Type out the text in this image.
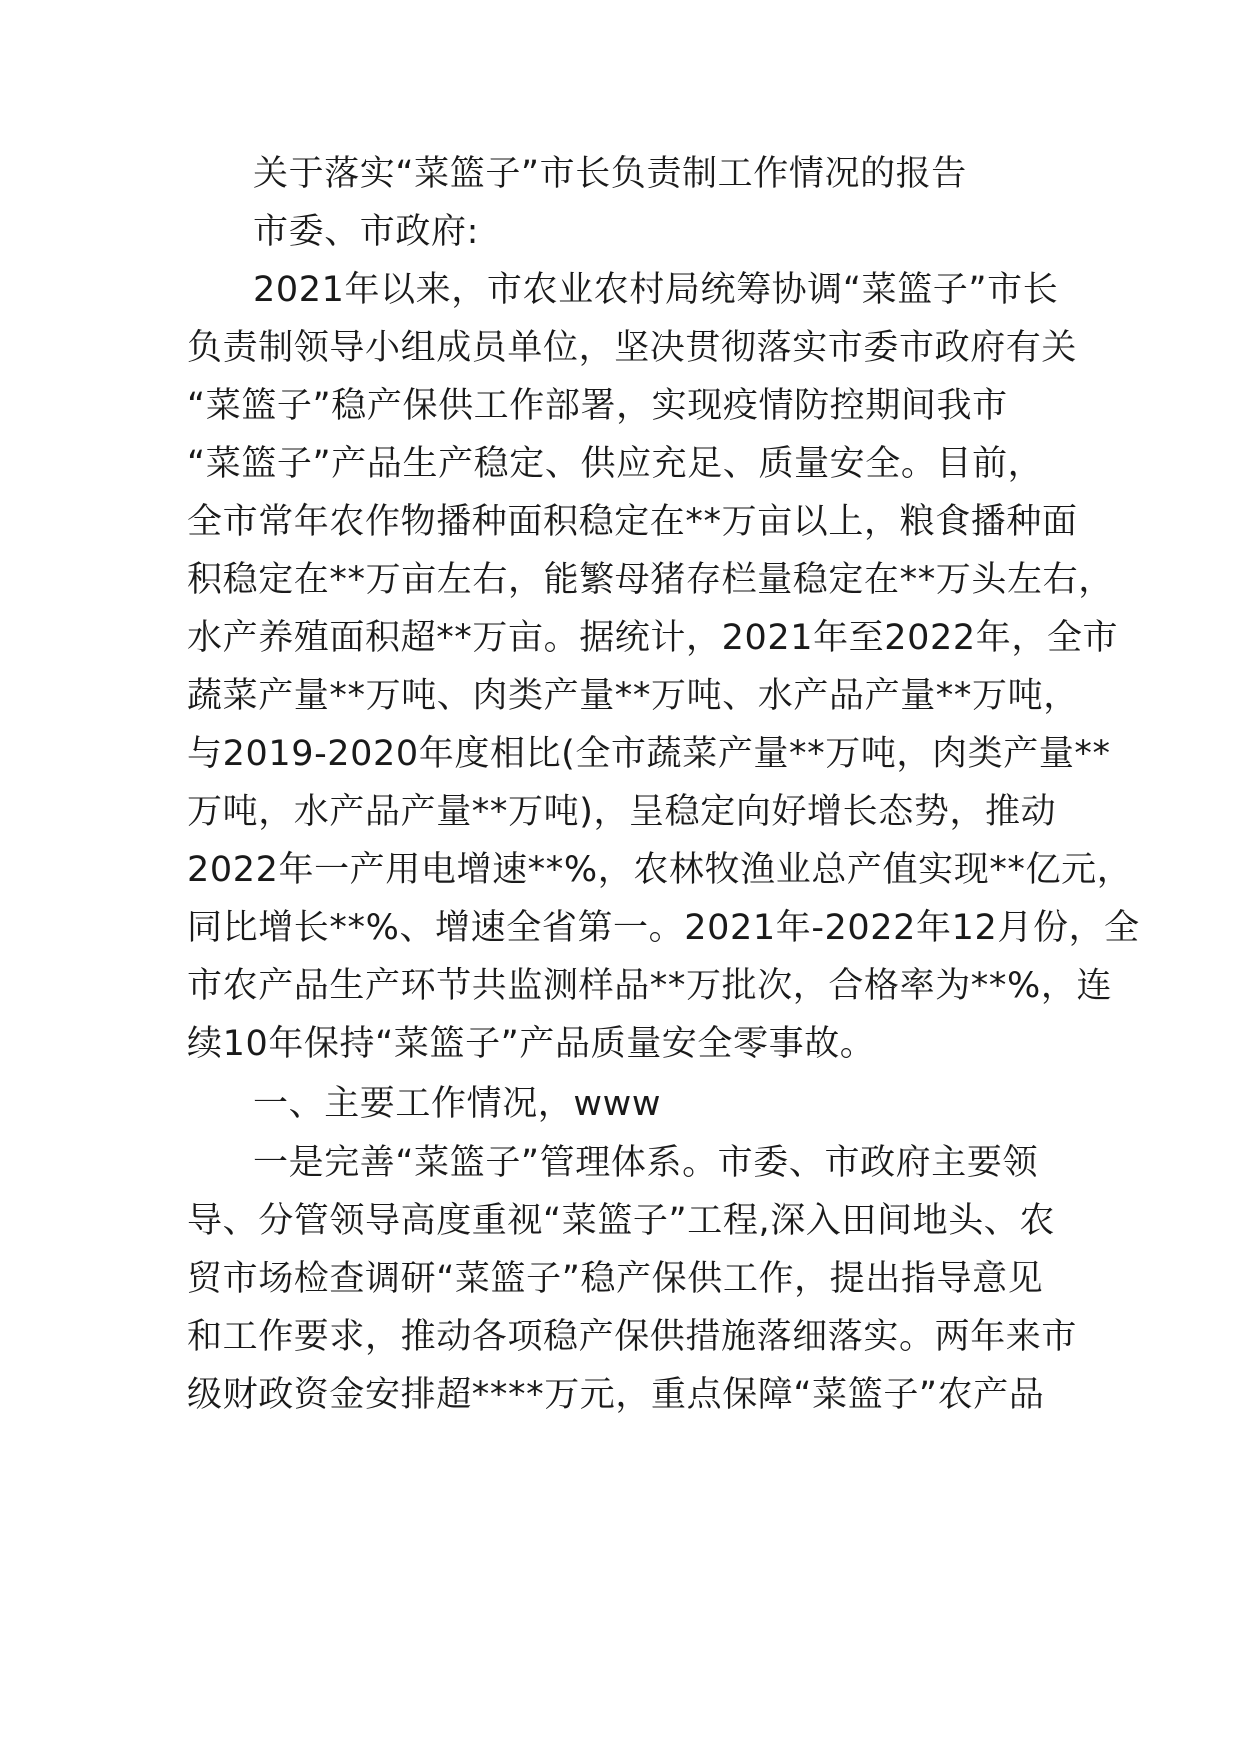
关于落实“菜篮子”市长负责制工作情况的报告
市委、市政府:
2021年以来，市农业农村局统筹协调“菜篮子”市长
负责制领导小组成员单位，坚决贯彻落实市委市政府有关
“菜篮子”稳产保供工作部署，实现疫情防控期间我市
“菜篮子”产品生产稳定、供应充足、质量安全。目前，
全市常年农作物播种面积稳定在**万亩以上，粮食播种面
积稳定在**万亩左右，能繁母猪存栏量稳定在**万头左右，
水产养殖面积超**万亩。据统计，2021年至2022年，全市
蔬菜产量**万吨、肉类产量**万吨、水产品产量**万吨，
与2019-2020年度相比(全市蔬菜产量**万吨，肉类产量**
万吨，水产品产量**万吨)，呈稳定向好增长态势，推动
2022年一产用电增速**%，农林牧渔业总产值实现**亿元，
同比增长**%、增速全省第一。2021年-2022年12月份，全
市农产品生产环节共监测样品**万批次，合格率为**%，连
续10年保持“菜篮子”产品质量安全零事故。
一、主要工作情况，www
一是完善“菜篮子”管理体系。市委、市政府主要领
导、分管领导高度重视“菜篮子”工程,深入田间地头、农
贸市场检查调研“菜篮子”稳产保供工作，提出指导意见
和工作要求，推动各项稳产保供措施落细落实。两年来市
级财政资金安排超****万元，重点保障“菜篮子”农产品
